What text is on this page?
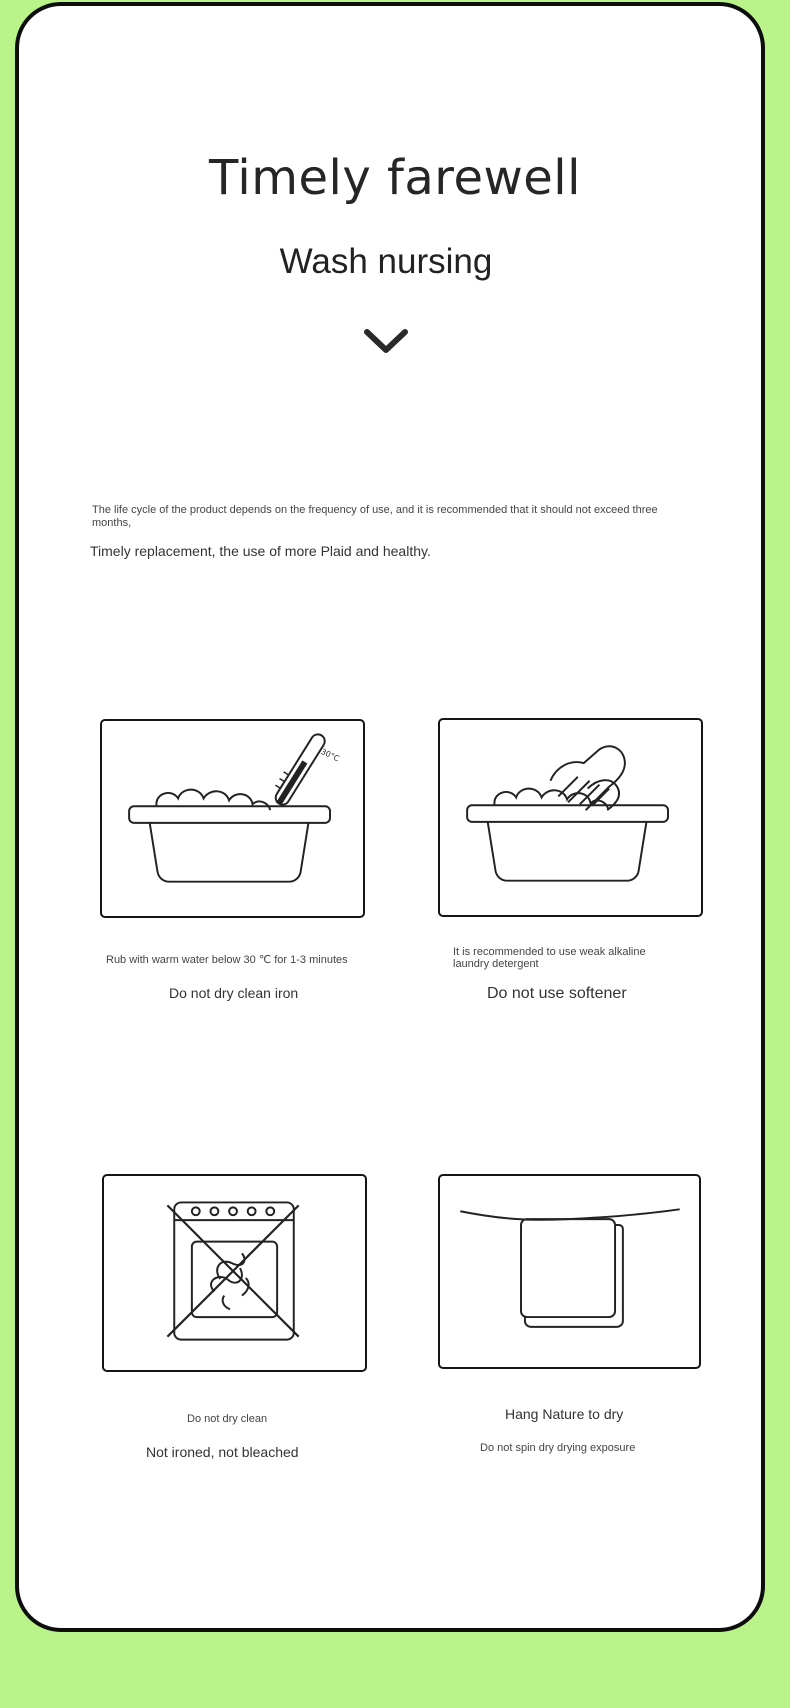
Timely farewell
Wash nursing
The life cycle of the product depends on the frequency of use, and it is recommended that it should not exceed three months,
Timely replacement, the use of more Plaid and healthy.
30°C
Rub with warm water below 30 ℃ for 1-3 minutes
Do not dry clean iron
It is recommended to use weak alkaline laundry detergent
Do not use softener
Do not dry clean
Not ironed, not bleached
Hang Nature to dry
Do not spin dry drying exposure
